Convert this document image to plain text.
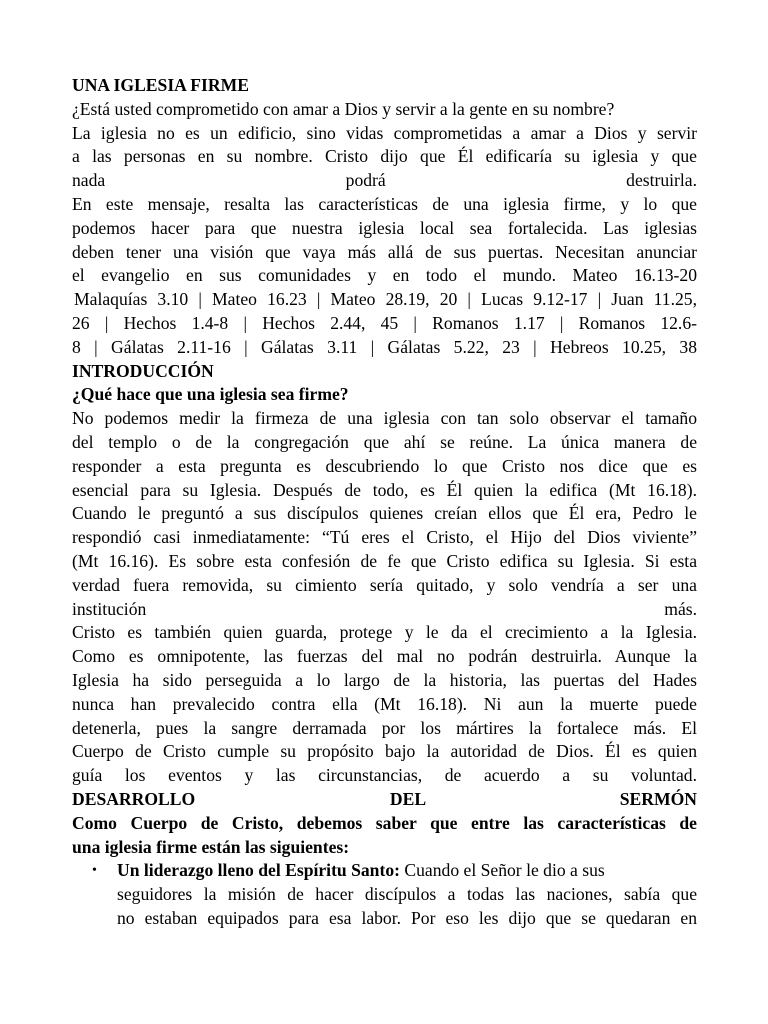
UNA IGLESIA FIRME
¿Está usted comprometido con amar a Dios y servir a la gente en su nombre?
La iglesia no es un edificio, sino vidas comprometidas a amar a Dios y servir
a las personas en su nombre. Cristo dijo que Él edificaría su iglesia y que
nada podrá destruirla.
En este mensaje, resalta las características de una iglesia firme, y lo que
podemos hacer para que nuestra iglesia local sea fortalecida. Las iglesias
deben tener una visión que vaya más allá de sus puertas. Necesitan anunciar
el evangelio en sus comunidades y en todo el mundo. Mateo 16.13-20
Malaquías 3.10 | Mateo 16.23 | Mateo 28.19, 20 | Lucas 9.12-17 | Juan 11.25,
26 | Hechos 1.4-8 | Hechos 2.44, 45 | Romanos 1.17 | Romanos 12.6-
8 | Gálatas 2.11-16 | Gálatas 3.11 | Gálatas 5.22, 23 | Hebreos 10.25, 38
INTRODUCCIÓN
¿Qué hace que una iglesia sea firme?
No podemos medir la firmeza de una iglesia con tan solo observar el tamaño
del templo o de la congregación que ahí se reúne. La única manera de
responder a esta pregunta es descubriendo lo que Cristo nos dice que es
esencial para su Iglesia. Después de todo, es Él quien la edifica (Mt 16.18).
Cuando le preguntó a sus discípulos quienes creían ellos que Él era, Pedro le
respondió casi inmediatamente: “Tú eres el Cristo, el Hijo del Dios viviente”
(Mt 16.16). Es sobre esta confesión de fe que Cristo edifica su Iglesia. Si esta
verdad fuera removida, su cimiento sería quitado, y solo vendría a ser una
institución más.
Cristo es también quien guarda, protege y le da el crecimiento a la Iglesia.
Como es omnipotente, las fuerzas del mal no podrán destruirla. Aunque la
Iglesia ha sido perseguida a lo largo de la historia, las puertas del Hades
nunca han prevalecido contra ella (Mt 16.18). Ni aun la muerte puede
detenerla, pues la sangre derramada por los mártires la fortalece más. El
Cuerpo de Cristo cumple su propósito bajo la autoridad de Dios. Él es quien
guía los eventos y las circunstancias, de acuerdo a su voluntad.
DESARROLLO DEL SERMÓN
Como Cuerpo de Cristo, debemos saber que entre las características de
una iglesia firme están las siguientes:
• Un liderazgo lleno del Espíritu Santo: Cuando el Señor le dio a sus
seguidores la misión de hacer discípulos a todas las naciones, sabía que
no estaban equipados para esa labor. Por eso les dijo que se quedaran en
